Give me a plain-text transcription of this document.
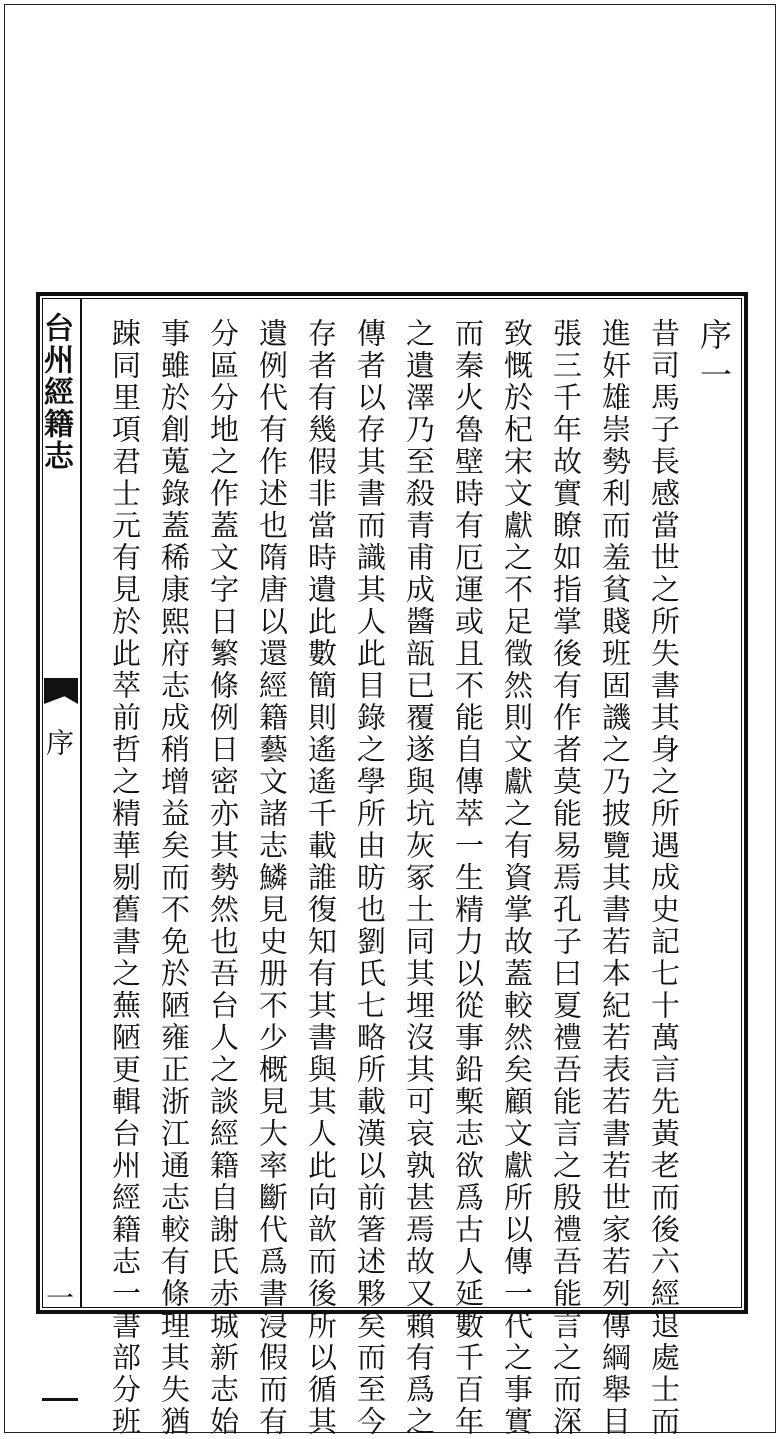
台州經籍志
序
一
序一
昔司馬子長感當世之所失書其身之所遇成史記七十萬言先黃老而後六經退處士而
進奸雄崇勢利而羞貧賤班固譏之乃披覽其書若本紀若表若書若世家若列傳綱舉目
張三千年故實瞭如指掌後有作者莫能易焉孔子曰夏禮吾能言之殷禮吾能言之而深
致慨於杞宋文獻之不足徵然則文獻之有資掌故蓋較然矣顧文獻所以傳一代之事實
而秦火魯壁時有厄運或且不能自傳萃一生精力以從事鉛槧志欲爲古人延數千百年
之遺澤乃至殺青甫成醬瓿已覆遂與坑灰冢土同其埋沒其可哀孰甚焉故又賴有爲之
傳者以存其書而識其人此目錄之學所由昉也劉氏七略所載漢以前箸述夥矣而至今
存者有幾假非當時遺此數簡則遙遙千載誰復知有其書與其人此向歆而後所以循其
遺例代有作述也隋唐以還經籍藝文諸志鱗見史册不少概見大率斷代爲書浸假而有
分區分地之作蓋文字日繁條例日密亦其勢然也吾台人之談經籍自謝氏赤城新志始
事雖於創蒐錄蓋稀康熙府志成稍增益矣而不免於陋雍正浙江通志較有條理其失猶
踈同里項君士元有見於此萃前哲之精華剔舊書之蕪陋更輯台州經籍志一書部分班
